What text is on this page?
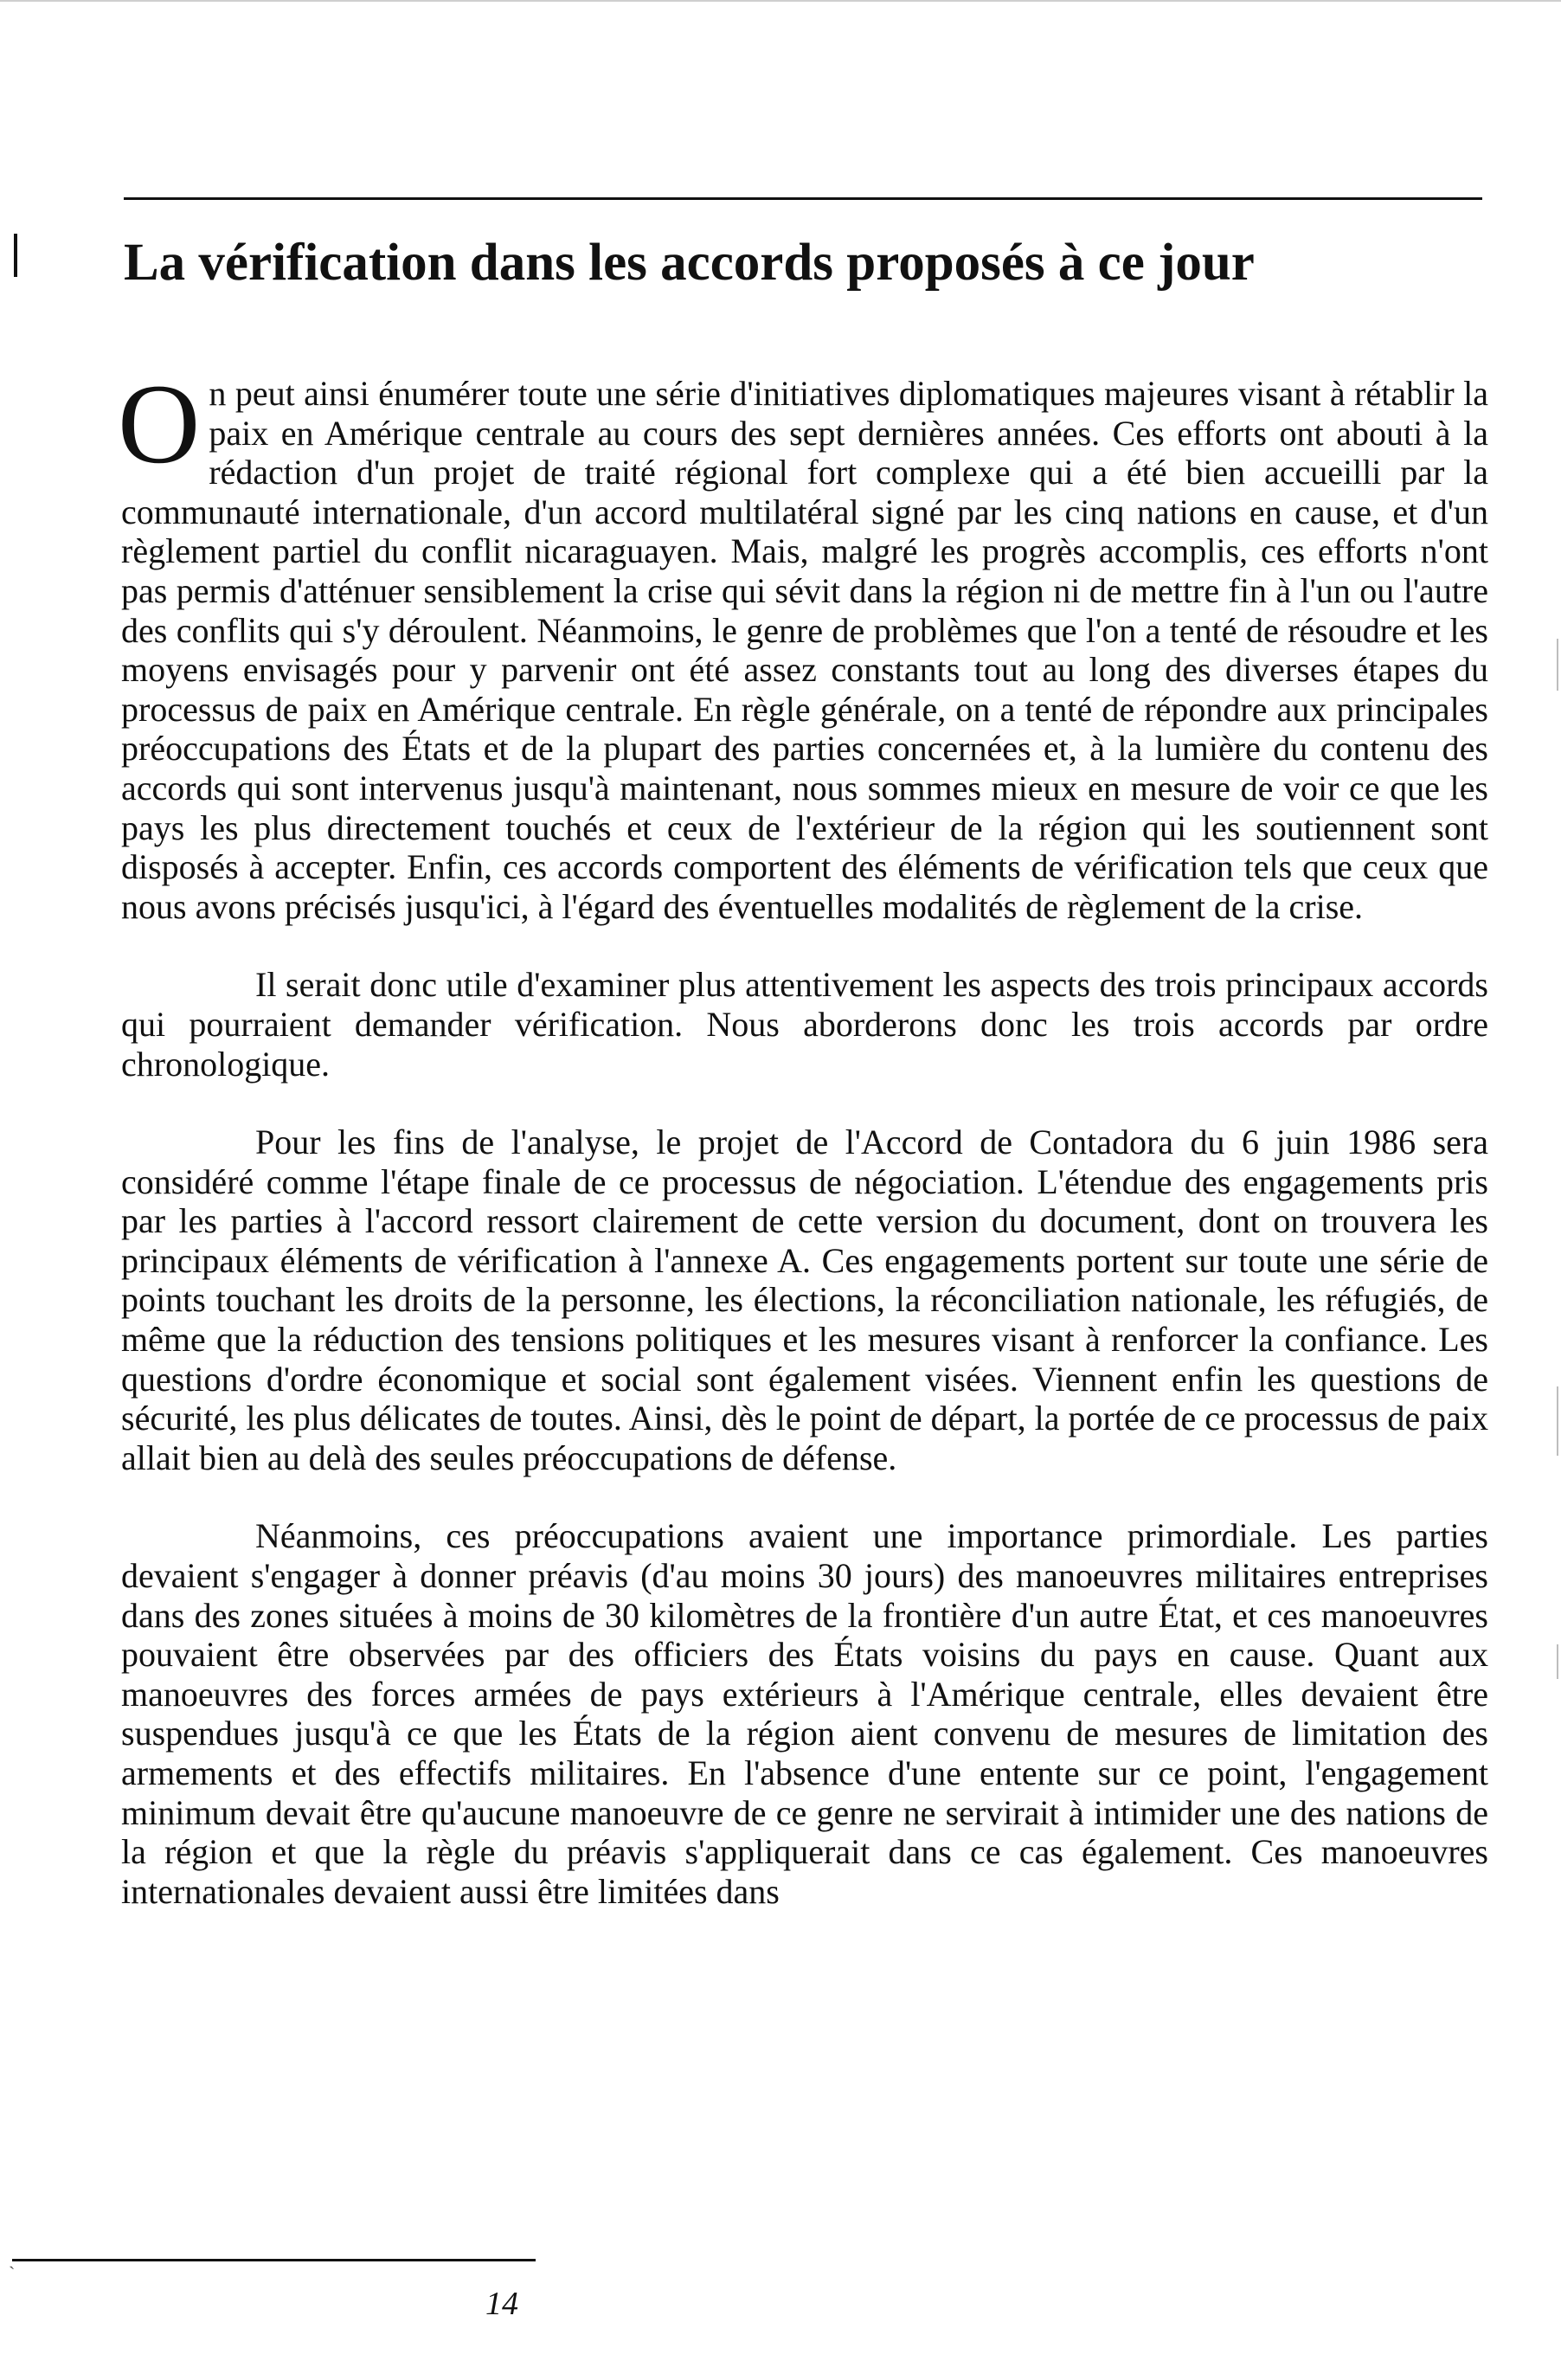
La vérification dans les accords proposés à ce jour

On peut ainsi énumérer toute une série d'initiatives diplomatiques majeures visant à rétablir la paix en Amérique centrale au cours des sept dernières années. Ces efforts ont abouti à la rédaction d'un projet de traité régional fort complexe qui a été bien accueilli par la communauté internationale, d'un accord multilatéral signé par les cinq nations en cause, et d'un règlement partiel du conflit nicaraguayen. Mais, malgré les progrès accomplis, ces efforts n'ont pas permis d'atténuer sensiblement la crise qui sévit dans la région ni de mettre fin à l'un ou l'autre des conflits qui s'y déroulent. Néanmoins, le genre de problèmes que l'on a tenté de résoudre et les moyens envisagés pour y parvenir ont été assez constants tout au long des diverses étapes du processus de paix en Amérique centrale. En règle générale, on a tenté de répondre aux principales préoccupations des États et de la plupart des parties concernées et, à la lumière du contenu des accords qui sont intervenus jusqu'à maintenant, nous sommes mieux en mesure de voir ce que les pays les plus directement touchés et ceux de l'extérieur de la région qui les soutiennent sont disposés à accepter. Enfin, ces accords comportent des éléments de vérification tels que ceux que nous avons précisés jusqu'ici, à l'égard des éventuelles modalités de règlement de la crise.

Il serait donc utile d'examiner plus attentivement les aspects des trois principaux accords qui pourraient demander vérification. Nous aborderons donc les trois accords par ordre chronologique.

Pour les fins de l'analyse, le projet de l'Accord de Contadora du 6 juin 1986 sera considéré comme l'étape finale de ce processus de négociation. L'étendue des engagements pris par les parties à l'accord ressort clairement de cette version du document, dont on trouvera les principaux éléments de vérification à l'annexe A. Ces engagements portent sur toute une série de points touchant les droits de la personne, les élections, la réconciliation nationale, les réfugiés, de même que la réduction des tensions politiques et les mesures visant à renforcer la confiance. Les questions d'ordre économique et social sont également visées. Viennent enfin les questions de sécurité, les plus délicates de toutes. Ainsi, dès le point de départ, la portée de ce processus de paix allait bien au delà des seules préoccupations de défense.

Néanmoins, ces préoccupations avaient une importance primordiale. Les parties devaient s'engager à donner préavis (d'au moins 30 jours) des manoeuvres militaires entreprises dans des zones situées à moins de 30 kilomètres de la frontière d'un autre État, et ces manoeuvres pouvaient être observées par des officiers des États voisins du pays en cause. Quant aux manoeuvres des forces armées de pays extérieurs à l'Amérique centrale, elles devaient être suspendues jusqu'à ce que les États de la région aient convenu de mesures de limitation des armements et des effectifs militaires. En l'absence d'une entente sur ce point, l'engagement minimum devait être qu'aucune manoeuvre de ce genre ne servirait à intimider une des nations de la région et que la règle du préavis s'appliquerait dans ce cas également. Ces manoeuvres internationales devaient aussi être limitées dans

ˋ
14
